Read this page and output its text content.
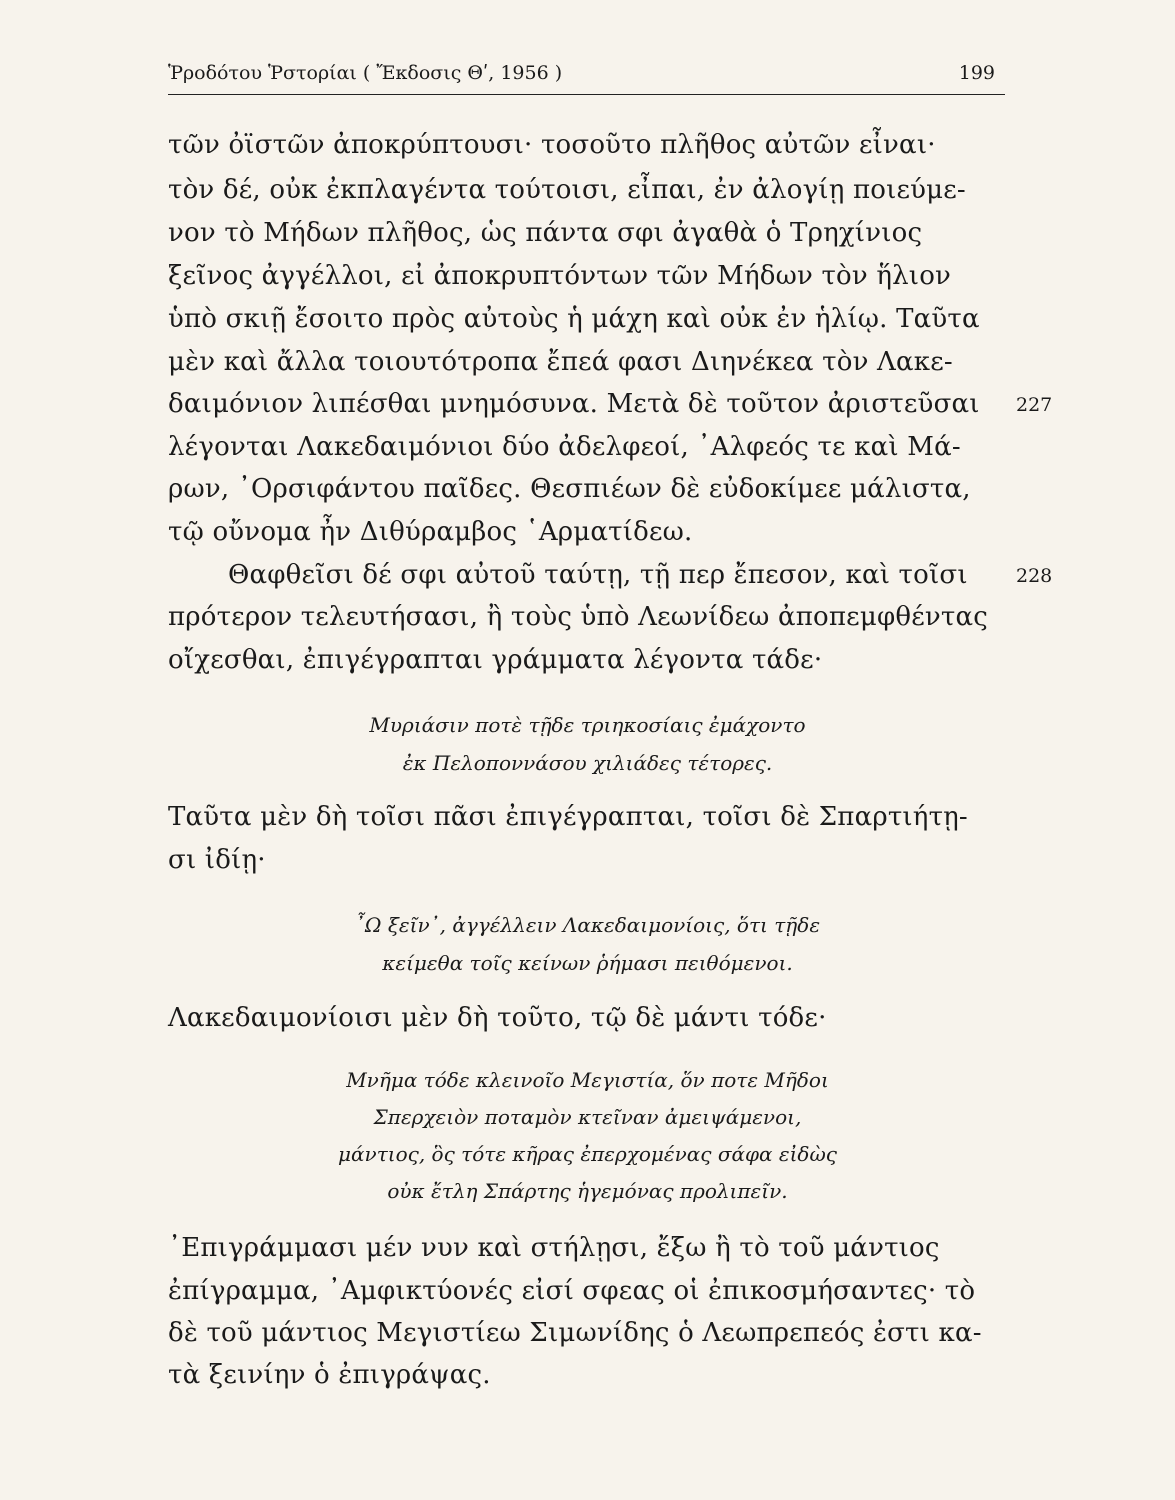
Ῥροδότου Ῥστορίαι ( Ἔκδοσις Θʹ, 1956 )	199
τῶν ὀϊστῶν ἀποκρύπτουσι· τοσοῦτο πλῆθος αὐτῶν εἶναι·
τὸν δέ, οὐκ ἐκπλαγέντα τούτοισι, εἶπαι, ἐν ἀλογίῃ ποιεύμε-
νον τὸ Μήδων πλῆθος, ὡς πάντα σφι ἀγαθὰ ὁ Τρηχίνιος
ξεῖνος ἀγγέλλοι, εἰ ἀποκρυπτόντων τῶν Μήδων τὸν ἥλιον
ὑπὸ σκιῇ ἔσοιτο πρὸς αὐτοὺς ἡ μάχη καὶ οὐκ ἐν ἡλίῳ. Ταῦτα
μὲν καὶ ἄλλα τοιουτότροπα ἔπεά φασι Διηνέκεα τὸν Λακε-
δαιμόνιον λιπέσθαι μνημόσυνα. Μετὰ δὲ τοῦτον ἀριστεῦσαι 227
λέγονται Λακεδαιμόνιοι δύο ἀδελφεοί, ᾿Αλφεός τε καὶ Μά-
ρων, ᾿Ορσιφάντου παῖδες. Θεσπιέων δὲ εὐδοκίμεε μάλιστα,
τῷ οὔνομα ἦν Διθύραμβος ῾Αρματίδεω.
Θαφθεῖσι δέ σφι αὐτοῦ ταύτῃ, τῇ περ ἔπεσον, καὶ τοῖσι	228
πρότερον τελευτήσασι, ἢ τοὺς ὑπὸ Λεωνίδεω ἀποπεμφθέντας
οἴχεσθαι, ἐπιγέγραπται γράμματα λέγοντα τάδε·
Μυριάσιν ποτὲ τῇδε τριηκοσίαις ἐμάχοντο
ἐκ Πελοποννάσου χιλιάδες τέτορες.
Ταῦτα μὲν δὴ τοῖσι πᾶσι ἐπιγέγραπται, τοῖσι δὲ Σπαρτιήτῃ-
σι ἰδίῃ·
῏Ω ξεῖν᾿, ἀγγέλλειν Λακεδαιμονίοις, ὅτι τῇδε
κείμεθα τοῖς κείνων ῥήμασι πειθόμενοι.
Λακεδαιμονίοισι μὲν δὴ τοῦτο, τῷ δὲ μάντι τόδε·
Μνῆμα τόδε κλεινοῖο Μεγιστία, ὅν ποτε Μῆδοι
Σπερχειὸν ποταμὸν κτεῖναν ἀμειψάμενοι,
μάντιος, ὃς τότε κῆρας ἐπερχομένας σάφα εἰδὼς
οὐκ ἔτλη Σπάρτης ἡγεμόνας προλιπεῖν.
᾿Επιγράμμασι μέν νυν καὶ στήλῃσι, ἔξω ἢ τὸ τοῦ μάντιος
ἐπίγραμμα, ᾿Αμφικτύονές εἰσί σφεας οἱ ἐπικοσμήσαντες· τὸ
δὲ τοῦ μάντιος Μεγιστίεω Σιμωνίδης ὁ Λεωπρεπεός ἐστι κα-
τὰ ξεινίην ὁ ἐπιγράψας.
